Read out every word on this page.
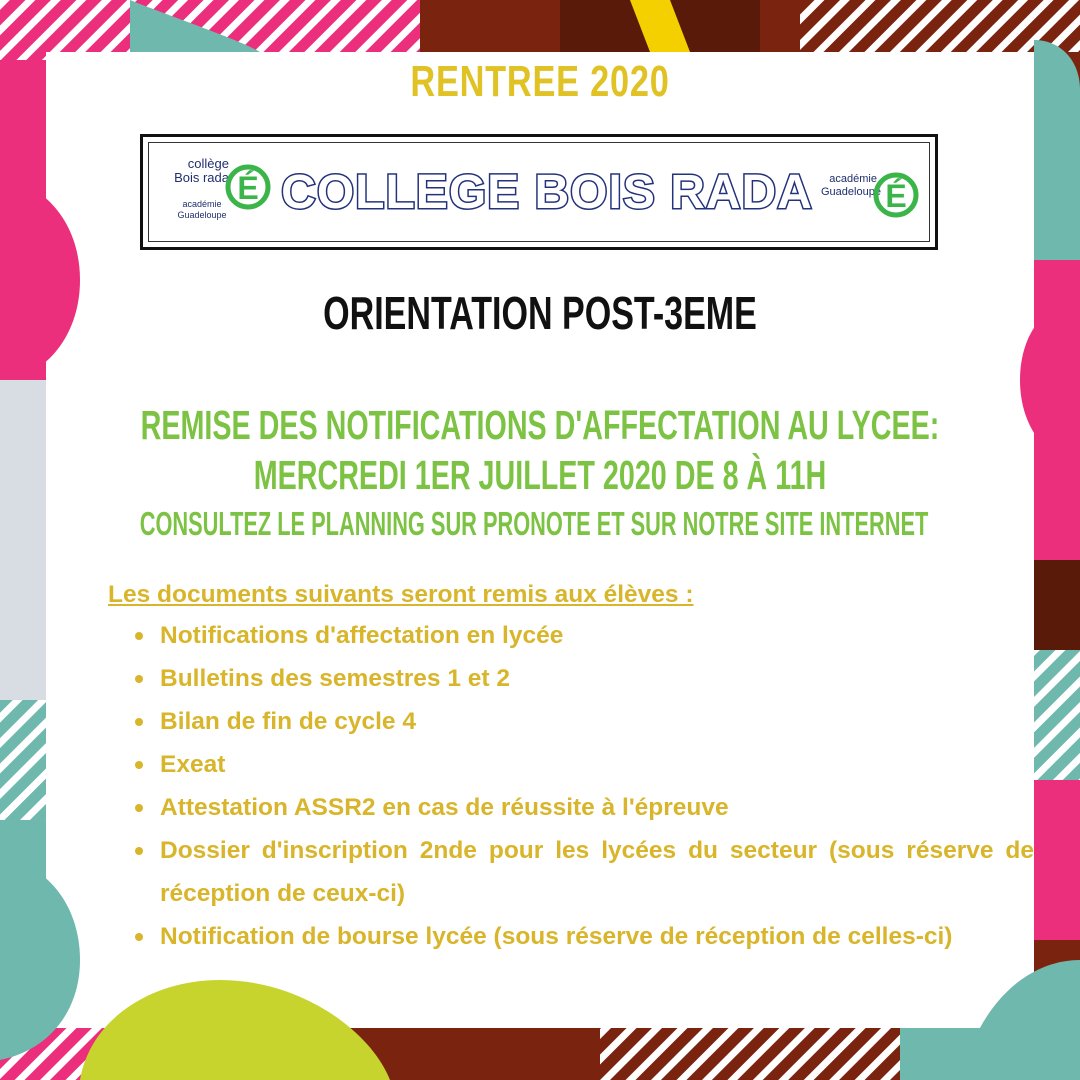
RENTREE 2020
collège
Bois rada
académie
Guadeloupe
É COLLEGE BOIS RADA	académie
Guadeloupe É
ORIENTATION POST-3EME
REMISE DES NOTIFICATIONS D'AFFECTATION AU LYCEE:
MERCREDI 1ER JUILLET 2020 DE 8 À 11H
CONSULTEZ LE PLANNING SUR PRONOTE ET SUR NOTRE SITE INTERNET

Les documents suivants seront remis aux élèves :

Notifications d'affectation en lycée
Bulletins des semestres 1 et 2
Bilan de fin de cycle 4
Exeat
Attestation ASSR2 en cas de réussite à l'épreuve
Dossier d'inscription 2nde pour les lycées du secteur (sous réserve de réception de ceux-ci)
Notification de bourse lycée (sous réserve de réception de celles-ci)
